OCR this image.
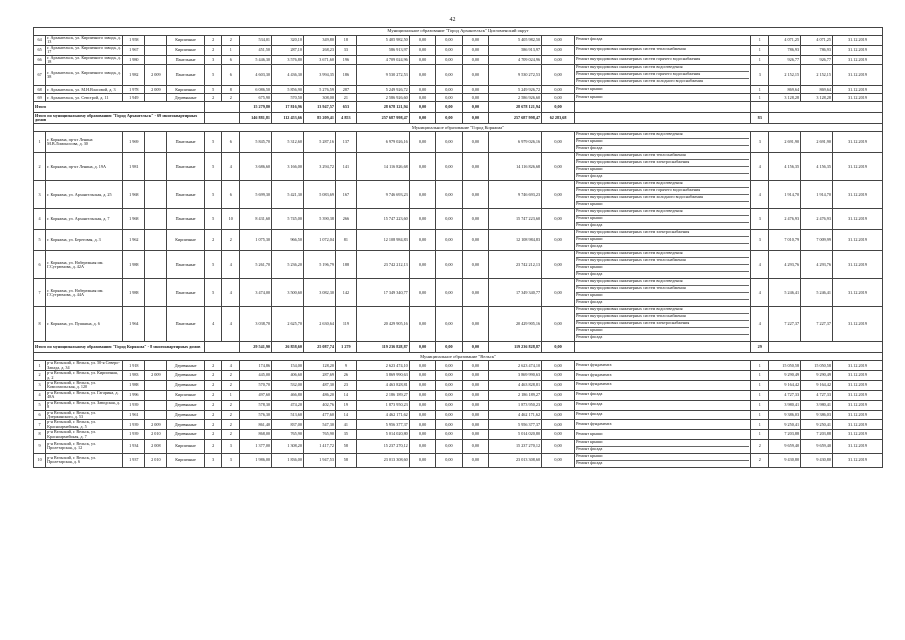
42
Муниципальное образование "Город Архангельск" Цигломенский округ																					
64	г. Архангельск, ул. Кирпичного завода, д. 13	1 958		Кирпичные	2	2	534,01	320,10	349,80	18	5 405 982,50	0,00	0,00	0,00	5 405 982,50	0,00	Ремонт фасада	1	4 071,25	4 071,25	31.12.2019
65	г. Архангельск, ул. Кирпичного завода, д. 17	1 967		Кирпичные	2	1	451,50	287,10	268,23	33	586 913,97	0,00	0,00	0,00	586 913,97	0,00	Ремонт внутридомовых инженерных систем теплоснабжения	1	786,93	786,93	31.12.2019
66	г. Архангельск, ул. Кирпичного завода, д. 18	1 980		Панельные	3	6	5 446,30	3 576,80	3 671,60	196	4 709 024,96	0,00	0,00	0,00	4 709 024,96	0,00	Ремонт внутридомовых инженерных систем горячего водоснабжения	1	926,77	926,77	31.12.2019
67	г. Архангельск, ул. Кирпичного завода, д. 38	1 982	2 009	Панельные	5	6	4 603,30	4 436,30	3 994,35	186	9 530 272,53	0,00	0,00	0,00	9 530 272,53	0,00	Ремонт внутридомовых инженерных систем водоотведения
Ремонт внутридомовых инженерных систем горячего водоснабжения
Ремонт внутридомовых инженерных систем холодного водоснабжения	3	2 152,15	2 152,15	31.12.2019
68	г. Архангельск, ул. М.Н.Власовой, д. 3	1 978	2 009	Кирпичные	5	8	6 086,50	5 856,90	5 276,59	287	5 249 926,72	0,00	0,00	0,00	5 249 926,72	0,00	Ремонт крыши	1	869,64	869,64	31.12.2019
69	г. Архангельск, ул. Севстрой, д. 11	1 949		Деревянные	2	2	675,90	570,50	308,00	21	2 586 926,60	0,00	0,00	0,00	2 586 926,60	0,00	Ремонт крыши	1	3 128,28	3 128,28	31.12.2019
Итого							15 279,80	17 816,96	13 947,57	653	28 678 121,94	0,00	0,00	0,00	28 678 121,94	0,00					
Итого по муниципальному образованию "Город Архангельск" - 69 многоквартирных домов							146 881,81	112 453,66	85 209,41	4 853	257 687 998,47	0,00	0,00	0,00	257 687 998,47	62 283,68		83			
Муниципальное образование "Город Коряжма"																					
1	г. Коряжма, пр-кт Ленина М.В.Ломоносова, д. 30	1 969		Панельные	5	6	5 845,70	5 312,60	5 287,16	137	6 979 026,16	0,00	0,00	0,00	6 979 026,16	0,00	Ремонт внутридомовых инженерных систем водоотведения
Ремонт крыши
Ремонт фасада	3	2 691,90	2 691,90	31.12.2019
2	г. Коряжма, пр-кт Ленина, д. 19А	1 981		Панельные	5	4	3 686,60	3 166,00	3 294,72	141	14 116 826,68	0,00	0,00	0,00	14 116 826,68	0,00	Ремонт внутридомовых инженерных систем теплоснабжения
Ремонт внутридомовых инженерных систем электроснабжения
Ремонт крыши
Ремонт фасада	4	4 156,35	4 156,35	31.12.2019
3	г. Коряжма, ул. Архангельская, д. 25	1 968		Панельные	5	6	5 699,30	5 421,30	5 083,69	167	9 746 693,23	0,00	0,00	0,00	9 746 693,23	0,00	Ремонт внутридомовых инженерных систем водоотведения
Ремонт внутридомовых инженерных систем горячего водоснабжения
Ремонт внутридомовых инженерных систем холодного водоснабжения
Ремонт крыши	4	1 914,70	1 914,70	31.12.2019
4	г. Коряжма, ул. Архангельская, д. 7	1 968		Панельные	5	10	8 431,60	5 745,00	5 390,38	266	15 747 223,60	0,00	0,00	0,00	15 747 223,60	0,00	Ремонт внутридомовых инженерных систем водоотведения
Ремонт крыши
Ремонт фасада	3	2 476,93	2 476,93	31.12.2019
5	г. Коряжма, ул. Береговая, д. 3	1 962		Кирпичные	2	2	1 075,30	966,50	1 072,04	81	12 108 984,83	0,00	0,00	0,00	12 108 984,83	0,00	Ремонт внутридомовых инженерных систем электроснабжения
Ремонт крыши
Ремонт фасада	3	7 010,79	7 009,99	31.12.2019
6	г. Коряжма, ул. Набережная им. Г.Сутрюмова, д. 42А	1 988		Панельные	5	4	5 261,70	5 236,20	5 196,79	188	23 742 212,13	0,00	0,00	0,00	23 742 212,13	0,00	Ремонт внутридомовых инженерных систем водоотведения
Ремонт внутридомовых инженерных систем теплоснабжения
Ремонт крыши
Ремонт фасада	4	4 293,76	4 293,76	31.12.2019
7	г. Коряжма, ул. Набережная им. Г.Сутрюмова, д. 44А	1 988		Панельные	5	4	3 474,00	3 500,60	3 082,30	142	17 349 340,77	0,00	0,00	0,00	17 349 340,77	0,00	Ремонт внутридомовых инженерных систем водоотведения
Ремонт внутридомовых инженерных систем теплоснабжения
Ремонт крыши
Ремонт фасада	4	5 246,41	5 246,41	31.12.2019
8	г. Коряжма, ул. Пушкина, д. 6	1 964		Панельные	4	4	3 038,70	2 625,70	2 630,64	119	20 429 905,16	0,00	0,00	0,00	20 429 905,16	0,00	Ремонт внутридомовых инженерных систем водоотведения
Ремонт внутридомовых инженерных систем теплоснабжения
Ремонт внутридомовых инженерных систем электроснабжения
Ремонт крыши
Ремонт фасада	4	7 227,37	7 227,37	31.12.2019
Итого по муниципальному образованию "Город Коряжма" - 8 многоквартирных домов							29 541,90	26 858,60	25 087,74	1 279	119 236 828,87	0,00	0,00	0,00	119 236 828,87	0,00		29			
Муниципальное образование "Вельск"																					
1	р-н Вельский, г. Вельск, ул. 50-я Северо-Запада, д. 34	1 918		Деревянные	2	4	174,86	154,00	128,20	9	2 623 474,10	0,00	0,00	0,00	2 623 474,10	0,00	Ремонт фундамента	1	15 050,58	15 050,58	31.12.2019
2	р-н Вельский, г. Вельск, ул. Кирпичная, д. 2	1 983	2 009	Деревянные	2	2	445,00	406,60	287,69	26	3 869 990,63	0,00	0,00	0,00	3 869 990,63	0,00	Ремонт фундамента	1	9 290,49	9 290,49	31.12.2019
3	р-н Вельский, г. Вельск, ул. Комсомольская, д. 120	1 988		Деревянные	2	2	570,70	532,00	487,30	23	4 463 828,81	0,00	0,00	0,00	4 463 828,81	0,00	Ремонт фундамента	1	9 164,42	9 164,42	31.12.2019
4	р-н Вельский, г. Вельск, ул. Гагарина, д. 48А	1 996		Кирпичные	2	1	497,60	466,80	486,20	14	2 186 189,27	0,00	0,00	0,00	2 186 189,27	0,00	Ремонт фасада	1	4 727,33	4 727,33	31.12.2019
5	р-н Вельский, г. Вельск, ул. Заводская, д. 8	1 939		Деревянные	2	2	578,30	474,20	402,76	19	1 873 950,23	0,00	0,00	0,00	1 873 950,23	0,00	Ремонт фасада	1	3 980,41	3 980,41	31.12.2019
6	р-н Вельский, г. Вельск, ул. Дзержинского, д. 53	1 961		Деревянные	2	2	576,30	513,60	477,60	14	4 462 171,62	0,00	0,00	0,00	4 462 171,62	0,00	Ремонт фасада	1	9 386,03	9 386,03	31.12.2019
7	р-н Вельский, г. Вельск, ул. Красноармейская, д. 5	1 939	2 009	Деревянные	2	2	861,40	837,00	547,30	41	5 956 377,37	0,00	0,00	0,00	5 956 377,37	0,00	Ремонт фундамента	1	9 250,41	9 250,41	31.12.2019
8	р-н Вельский, г. Вельск, ул. Красноармейская, д. 7	1 939	2 010	Деревянные	2	2	868,00	765,90	765,90	35	5 014 020,80	0,00	0,00	0,00	5 014 020,80	0,00	Ремонт крыши	1	7 203,88	7 203,88	31.12.2019
9	р-н Вельский, г. Вельск, ул. Пролетарская, д. 12	1 934	2 008	Кирпичные	2	3	1 377,00	1 308,20	1 417,72	58	15 237 270,12	0,00	0,00	0,00	15 237 270,12	0,00	Ремонт крыши
Ремонт фасада	2	9 659,40	9 659,40	31.12.2019
10	р-н Вельский, г. Вельск, ул. Пролетарская, д. 6	1 937	2 010	Кирпичные	3	3	1 986,00	1 836,00	1 947,53	58	23 013 308,60	0,00	0,00	0,00	23 013 308,60	0,00	Ремонт крыши
Ремонт фасада	2	9 430,80	9 430,80	31.12.2019
